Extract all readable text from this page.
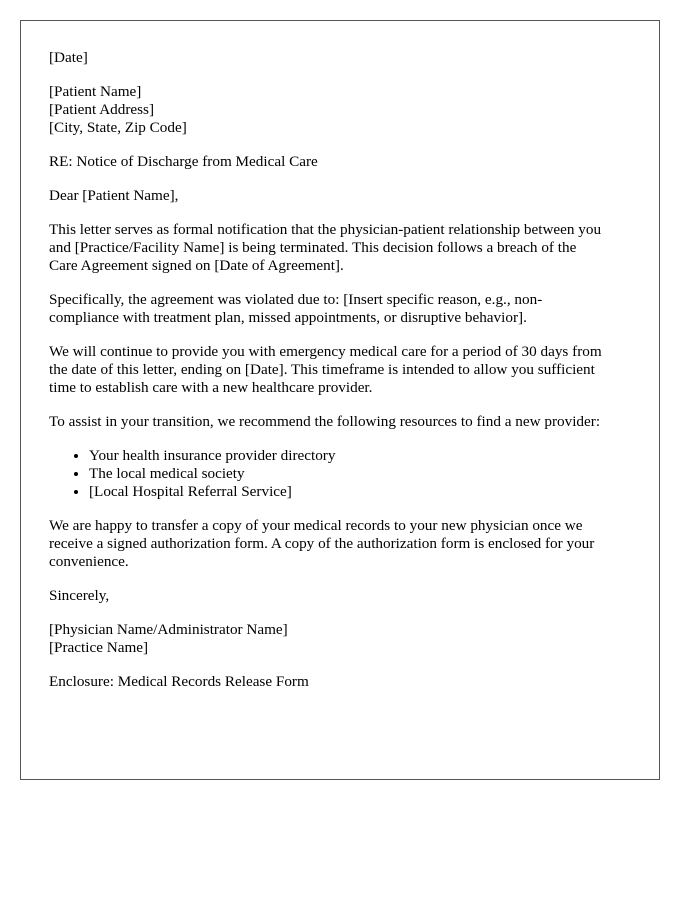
[Date]

[Patient Name]
[Patient Address]
[City, State, Zip Code]

RE: Notice of Discharge from Medical Care

Dear [Patient Name],

This letter serves as formal notification that the physician-patient relationship between you
and [Practice/Facility Name] is being terminated. This decision follows a breach of the
Care Agreement signed on [Date of Agreement].
Specifically, the agreement was violated due to: [Insert specific reason, e.g., non-
compliance with treatment plan, missed appointments, or disruptive behavior].
We will continue to provide you with emergency medical care for a period of 30 days from
the date of this letter, ending on [Date]. This timeframe is intended to allow you sufficient
time to establish care with a new healthcare provider.
To assist in your transition, we recommend the following resources to find a new provider:
• Your health insurance provider directory
• The local medical society
• [Local Hospital Referral Service]
We are happy to transfer a copy of your medical records to your new physician once we
receive a signed authorization form. A copy of the authorization form is enclosed for your
convenience.

Sincerely,

[Physician Name/Administrator Name]
[Practice Name]

Enclosure: Medical Records Release Form
